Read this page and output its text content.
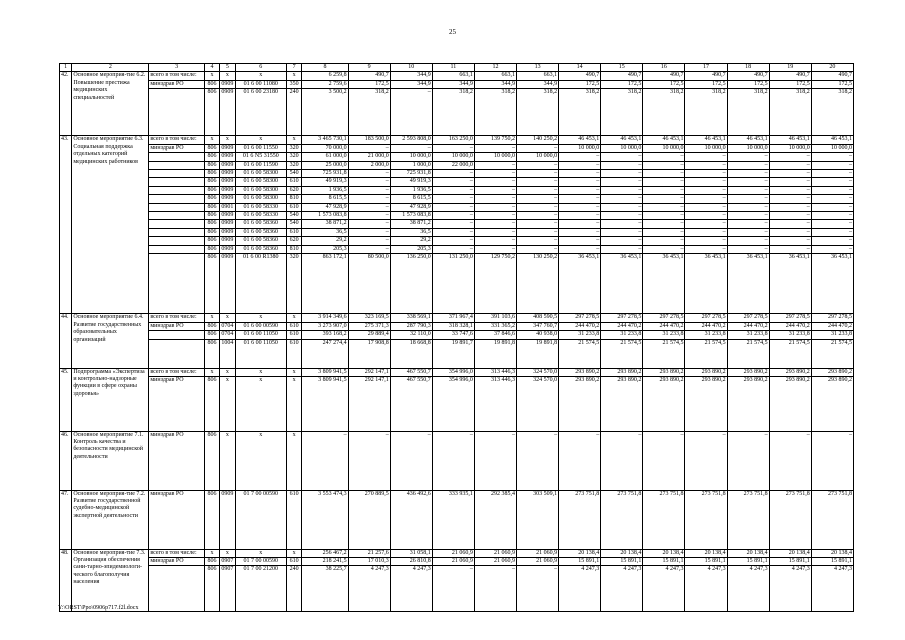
25
1	2	3	4	5	6	7	8	9	10	11	12	13	14	15	16	17	18	19	20
42.	Основное мероприя-тие 6.2. Повышение престижа медицинских специальностей	всего в том числе:	x	x	x	x	6 259,8	490,7	344,9	663,1	663,1	663,1	490,7	490,7	490,7	490,7	490,7	490,7	490,7
		минздрав РО	806	0909	01 6 00 11080	350	2 759,6	172,5	344,9	344,9	344,9	344,9	172,5	172,5	172,5	172,5	172,5	172,5	172,5
			806	0909	01 6 00 23180	240	3 500,2	318,2	–	318,2	318,2	318,2	318,2	318,2	318,2	318,2	318,2	318,2	318,2
43.	Основное мероприятие 6.3. Социальная поддержка отдельных категорий медицинских работников	всего в том числе:	x	x	x	x	3 465 730,1	183 500,0	2 593 808,0	163 250,0	139 750,2	140 250,2	46 453,1	46 453,1	46 453,1	46 453,1	46 453,1	46 453,1	46 453,1
		минздрав РО	806	0909	01 6 00 11550	320	70 000,0	–	–	–	–	–	10 000,0	10 000,0	10 000,0	10 000,0	10 000,0	10 000,0	10 000,0
			806	0909	01 6 N5 31550	320	61 000,0	21 000,0	10 000,0	10 000,0	10 000,0	10 000,0	–	–	–	–	–	–	–
			806	0909	01 6 00 11590	320	25 000,0	2 000,0	1 000,0	22 000,0	–	–	–	–	–	–	–	–	–
			806	0909	01 6 00 58300	540	725 931,8	–	725 931,8	–	–	–	–	–	–	–	–	–	–
			806	0909	01 6 00 58300	610	49 919,3	–	49 919,3	–	–	–	–	–	–	–	–	–	–
			806	0909	01 6 00 58300	620	1 936,5	–	1 936,5	–	–	–	–	–	–	–	–	–	–
			806	0909	01 6 00 58300	810	8 615,5	–	8 615,5	–	–	–	–	–	–	–	–	–	–
			806	0901	01 6 00 58330	610	47 928,9	–	47 928,9	–	–	–	–	–	–	–	–	–	–
			806	0909	01 6 00 58330	540	1 573 083,8	–	1 573 083,8	–	–	–	–	–	–	–	–	–	–
			806	0909	01 6 00 58360	540	38 871,2	–	38 871,2	–	–	–	–	–	–	–	–	–	–
			806	0909	01 6 00 58360	610	36,5	–	36,5	–	–	–	–	–	–	–	–	–	–
			806	0909	01 6 00 58360	620	29,2	–	29,2	–	–	–	–	–	–	–	–	–	–
			806	0909	01 6 00 58360	810	205,3	–	205,3	–	–	–	–	–	–	–	–	–	–
			806	0909	01 6 00 R1380	320	863 172,1	80 500,0	136 250,0	131 250,0	129 750,2	130 250,2	36 453,1	36 453,1	36 453,1	36 453,1	36 453,1	36 453,1	36 453,1
44.	Основное мероприятие 6.4. Развитие государственных образовательных организаций	всего в том числе:	x	x	x	x	3 914 349,6	323 169,5	338 569,1	371 967,4	391 103,6	408 590,5	297 278,5	297 278,5	297 278,5	297 278,5	297 278,5	297 278,5	297 278,5
		минздрав РО	806	0704	01 6 00 00590	610	3 273 907,0	275 371,3	287 790,3	318 328,1	331 365,2	347 760,7	244 470,2	244 470,2	244 470,2	244 470,2	244 470,2	244 470,2	244 470,2
			806	0704	01 6 00 11050	610	393 168,2	29 889,4	32 110,0	33 747,6	37 846,6	40 938,0	31 233,8	31 233,8	31 233,8	31 233,8	31 233,8	31 233,8	31 233,8
			806	1004	01 6 00 11050	610	247 274,4	17 908,8	18 668,8	19 891,7	19 891,8	19 891,8	21 574,5	21 574,5	21 574,5	21 574,5	21 574,5	21 574,5	21 574,5
45.	Подпрограмма «Экспертиза и контрольно-надзорные функции в сфере охраны здоровья»	всего в том числе:	x	x	x	x	3 809 941,5	292 147,1	467 550,7	354 996,0	313 446,3	324 570,0	293 890,2	293 890,2	293 890,2	293 890,2	293 890,2	293 890,2	293 890,2
		минздрав РО	806	x	x	x	3 809 941,5	292 147,1	467 550,7	354 996,0	313 446,3	324 570,0	293 890,2	293 890,2	293 890,2	293 890,2	293 890,2	293 890,2	293 890,2
46.	Основное мероприятие 7.1. Контроль качества и безопасности медицинской деятельности	минздрав РО	806	x	x	x	–	–	–	–	–	–	–	–	–	–	–	–	–
47.	Основное мероприя-тие 7.2. Развитие государственной судебно-медицинской экспертной деятельности	минздрав РО	806	0909	01 7 00 00590	610	3 553 474,3	270 889,5	436 492,6	333 935,1	292 385,4	303 509,1	273 751,8	273 751,8	273 751,8	273 751,8	273 751,8	273 751,8	273 751,8
48.	Основное мероприя-тие 7.3. Организация обеспечения сани-тарно-эпидемиологи-ческого благополучия населения	всего в том числе:	x	x	x	x	256 467,2	21 257,6	31 058,1	21 060,9	21 060,9	21 060,9	20 138,4	20 138,4	20 138,4	20 138,4	20 138,4	20 138,4	20 138,4
		минздрав РО	806	0907	01 7 00 00590	610	218 241,5	17 010,3	26 810,8	21 060,9	21 060,9	21 060,9	15 891,1	15 891,1	15 891,1	15 891,1	15 891,1	15 891,1	15 891,1
			806	0907	01 7 00 21200	240	38 225,7	4 247,3	4 247,3	–	–	–	4 247,3	4 247,3	4 247,3	4 247,3	4 247,3	4 247,3	4 247,3
Y:\ORST\Ppo\0906p717.f2l.docx
